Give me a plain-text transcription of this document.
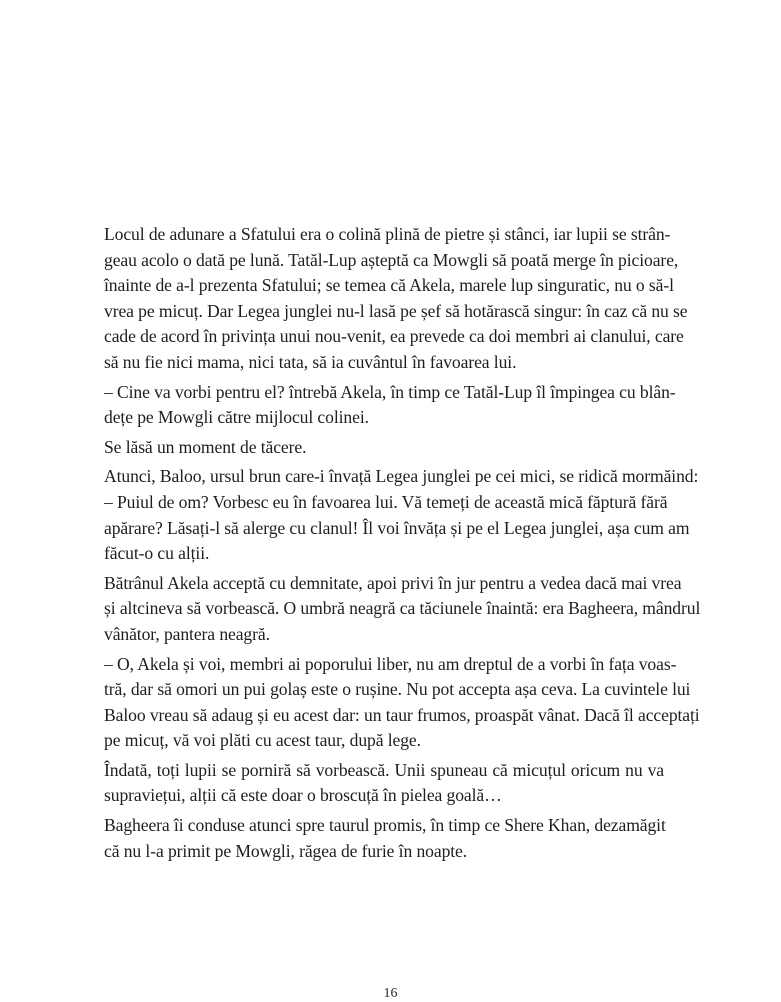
Locul de adunare a Sfatului era o colină plină de pietre și stânci, iar lupii se strân-
geau acolo o dată pe lună. Tatăl-Lup așteptă ca Mowgli să poată merge în picioare,
înainte de a-l prezenta Sfatului; se temea că Akela, marele lup singuratic, nu o să-l
vrea pe micuț. Dar Legea junglei nu-l lasă pe șef să hotărască singur: în caz că nu se
cade de acord în privința unui nou-venit, ea prevede ca doi membri ai clanului, care
să nu fie nici mama, nici tata, să ia cuvântul în favoarea lui.
– Cine va vorbi pentru el? întrebă Akela, în timp ce Tatăl-Lup îl împingea cu blân-
dețe pe Mowgli către mijlocul colinei.
Se lăsă un moment de tăcere.
Atunci, Baloo, ursul brun care-i învață Legea junglei pe cei mici, se ridică mormăind:
– Puiul de om? Vorbesc eu în favoarea lui. Vă temeți de această mică făptură fără
apărare? Lăsați-l să alerge cu clanul! Îl voi învăța și pe el Legea junglei, așa cum am
făcut-o cu alții.
Bătrânul Akela acceptă cu demnitate, apoi privi în jur pentru a vedea dacă mai vrea
și altcineva să vorbească. O umbră neagră ca tăciunele înaintă: era Bagheera, mândrul
vânător, pantera neagră.
– O, Akela și voi, membri ai poporului liber, nu am dreptul de a vorbi în fața voas-
tră, dar să omori un pui golaș este o rușine. Nu pot accepta așa ceva. La cuvintele lui
Baloo vreau să adaug și eu acest dar: un taur frumos, proaspăt vânat. Dacă îl acceptați
pe micuț, vă voi plăti cu acest taur, după lege.
Îndată, toți lupii se porniră să vorbească. Unii spuneau că micuțul oricum nu va
supraviețui, alții că este doar o broscuță în pielea goală…
Bagheera îi conduse atunci spre taurul promis, în timp ce Shere Khan, dezamăgit
că nu l-a primit pe Mowgli, răgea de furie în noapte.
16
